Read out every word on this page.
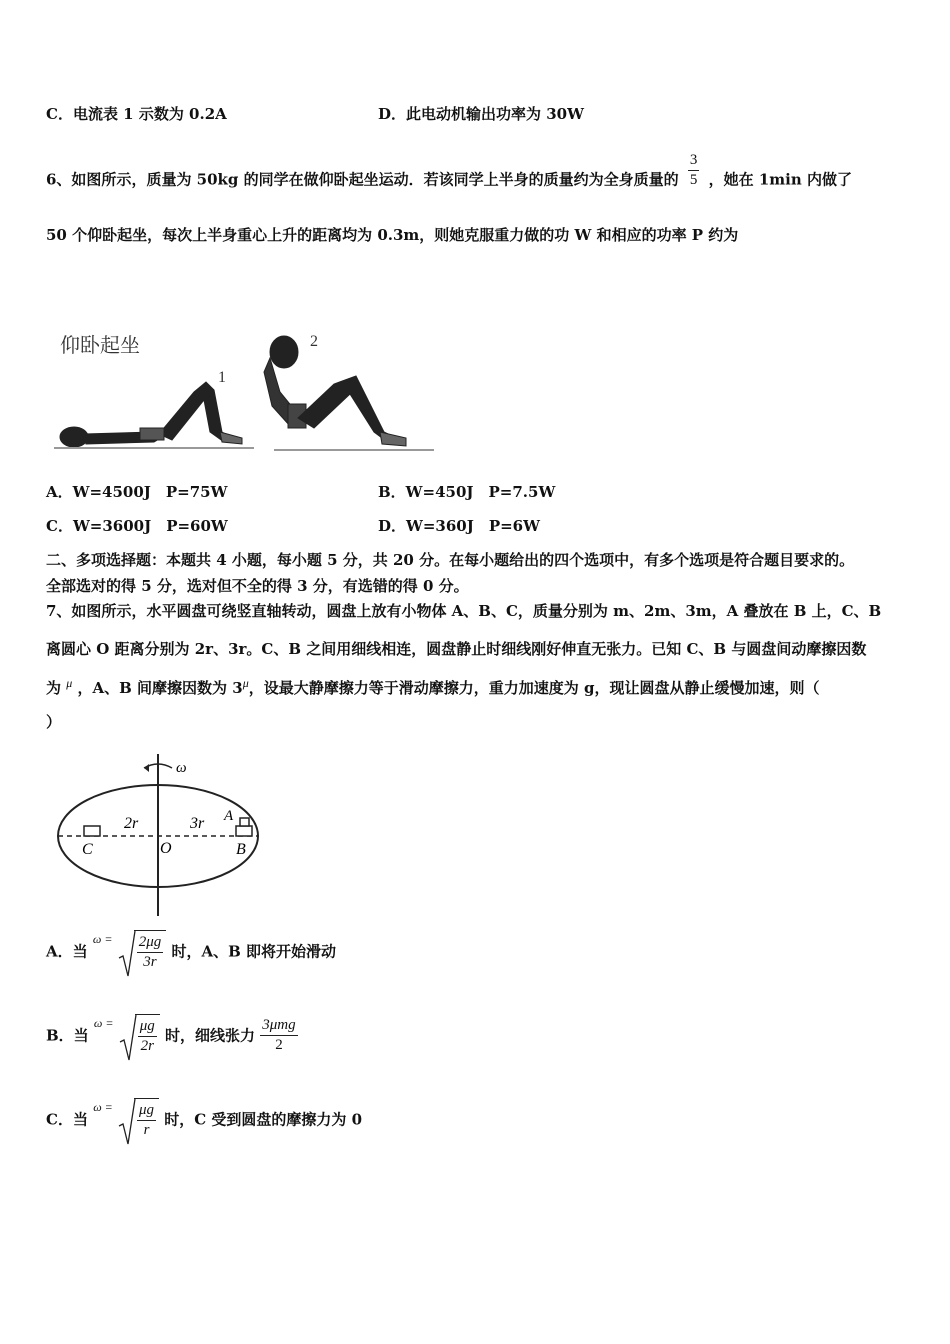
C．电流表 1 示数为 0.2A	D．此电动机输出功率为 30W
6、如图所示，质量为 50kg 的同学在做仰卧起坐运动．若该同学上半身的质量约为全身质量的 $\frac{3}{5}$ ，她在 1min 内做了
50 个仰卧起坐，每次上半身重心上升的距离均为 0.3m，则她克服重力做的功 W 和相应的功率 P 约为
仰卧起坐
1
2
A．W=4500J　P=75W	B．W=450J　P=7.5W
C．W=3600J　P=60W	D．W=360J　P=6W
二、多项选择题：本题共 4 小题，每小题 5 分，共 20 分。在每小题给出的四个选项中，有多个选项是符合题目要求的。
全部选对的得 5 分，选对但不全的得 3 分，有选错的得 0 分。
7、如图所示，水平圆盘可绕竖直轴转动，圆盘上放有小物体 A、B、C，质量分别为 m、2m、3m，A 叠放在 B 上，C、B
离圆心 O 距离分别为 2r、3r。C、B 之间用细线相连，圆盘静止时细线刚好伸直无张力。已知 C、B 与圆盘间动摩擦因数
为 $^\mu$ ，A、B 间摩擦因数为 $3^\mu$，设最大静摩擦力等于滑动摩擦力，重力加速度为 g，现让圆盘从静止缓慢加速，则（
）
ω
2r	3r A
B
C	O
A．当 $^{\omega =} \frac{2\mu g}{3r}$ 时，A、B 即将开始滑动
B．当 $^{\omega =} \frac{\mu g}{2r}$ 时，细线张力 $\frac{\text{3μmg}}{2}$
C．当 $^{\omega =} \frac{\mu g}{r}$ 时，C 受到圆盘的摩擦力为 0
